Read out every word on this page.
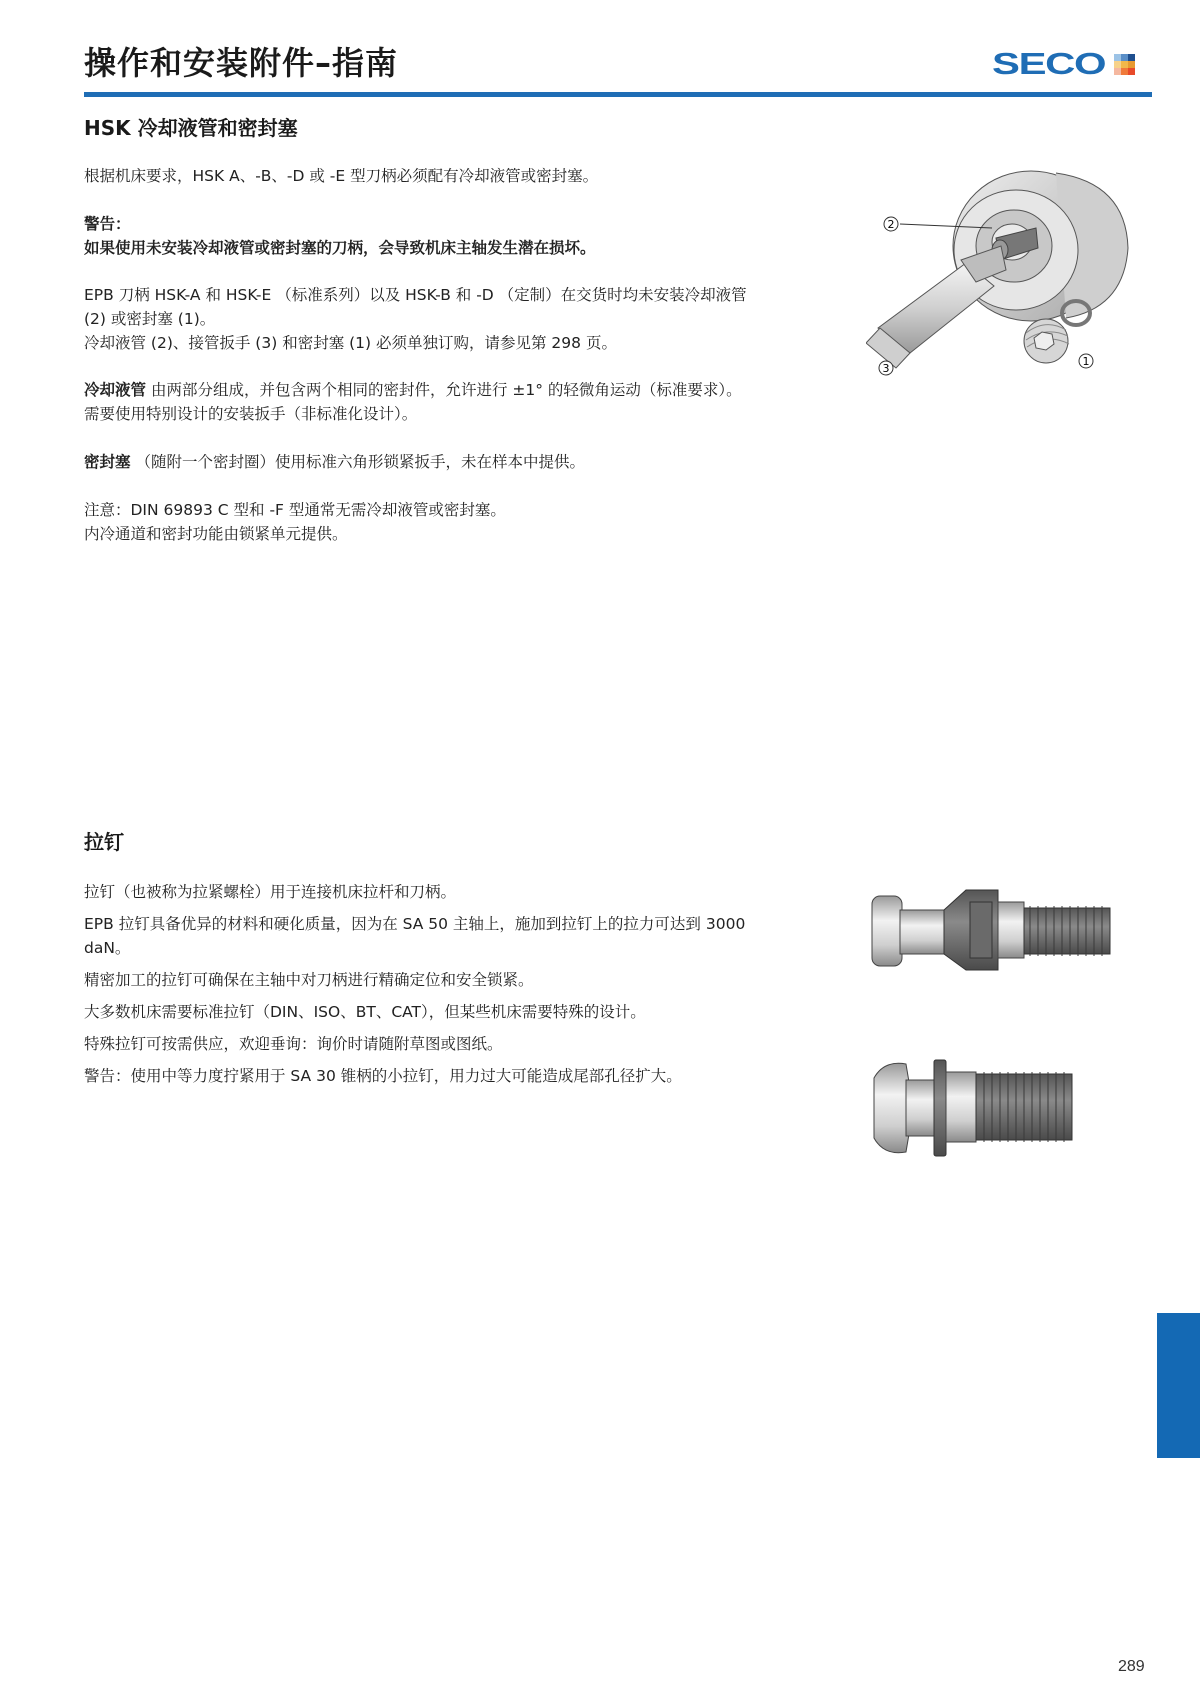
操作和安装附件–指南	SECO
HSK 冷却液管和密封塞

根据机床要求，HSK A、-B、-D 或 -E 型刀柄必须配有冷却液管或密封塞。

警告：

如果使用未安装冷却液管或密封塞的刀柄，会导致机床主轴发生潜在损坏。

EPB 刀柄 HSK-A 和 HSK-E （标准系列）以及 HSK-B 和 -D （定制）在交货时均未安装冷却液管

(2) 或密封塞 (1)。

冷却液管 (2)、接管扳手 (3) 和密封塞 (1) 必须单独订购，请参见第 298 页。

冷却液管 由两部分组成，并包含两个相同的密封件，允许进行 ±1° 的轻微角运动（标准要求）。

需要使用特别设计的安装扳手（非标准化设计）。

密封塞 （随附一个密封圈）使用标准六角形锁紧扳手，未在样本中提供。

注意：DIN 69893 C 型和 -F 型通常无需冷却液管或密封塞。

内冷通道和密封功能由锁紧单元提供。

2
1
3
拉钉

拉钉（也被称为拉紧螺栓）用于连接机床拉杆和刀柄。

EPB 拉钉具备优异的材料和硬化质量，因为在 SA 50 主轴上，施加到拉钉上的拉力可达到 3000

daN。

精密加工的拉钉可确保在主轴中对刀柄进行精确定位和安全锁紧。

大多数机床需要标准拉钉（DIN、ISO、BT、CAT），但某些机床需要特殊的设计。

特殊拉钉可按需供应，欢迎垂询：询价时请随附草图或图纸。

警告：使用中等力度拧紧用于 SA 30 锥柄的小拉钉，用力过大可能造成尾部孔径扩大。

289
